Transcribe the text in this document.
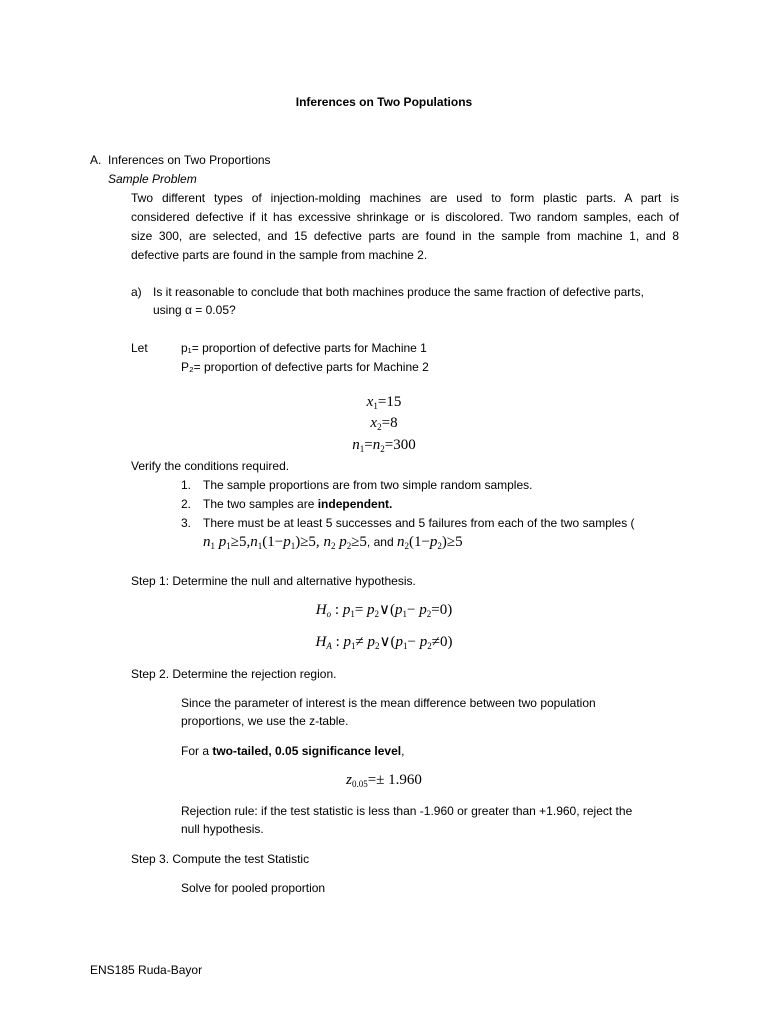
Inferences on Two Populations
A. Inferences on Two Proportions
Sample Problem
Two different types of injection-molding machines are used to form plastic parts. A part is
considered defective if it has excessive shrinkage or is discolored. Two random samples, each of
size 300, are selected, and 15 defective parts are found in the sample from machine 1, and 8
defective parts are found in the sample from machine 2.
a) Is it reasonable to conclude that both machines produce the same fraction of defective parts,
using α = 0.05?
Let	p₁= proportion of defective parts for Machine 1
P₂= proportion of defective parts for Machine 2
$x_1=15$
$x_2=8$
$n_1=n_2=300$
Verify the conditions required.
1. The sample proportions are from two simple random samples.
2. The two samples are independent.
3. There must be at least 5 successes and 5 failures from each of the two samples (
$n_1$ $p_1\ge 5,n_1(1-p_1)\ge 5$, $n_2$ $p_2\ge 5$, and $n_2(1-p_2)\ge 5$
Step 1: Determine the null and alternative hypothesis.
$H_o$ : $p_1=$ $p_2\vee(p_1- p_2=0)$
$H_A$ : $p_1\ne$ $p_2\vee(p_1- p_2\ne 0)$
Step 2. Determine the rejection region.
Since the parameter of interest is the mean difference between two population
proportions, we use the z-table.
For a two-tailed, 0.05 significance level,
$z_{0.05}=\pm 1.960$
Rejection rule: if the test statistic is less than -1.960 or greater than +1.960, reject the
null hypothesis.
Step 3. Compute the test Statistic
Solve for pooled proportion
ENS185 Ruda-Bayor
